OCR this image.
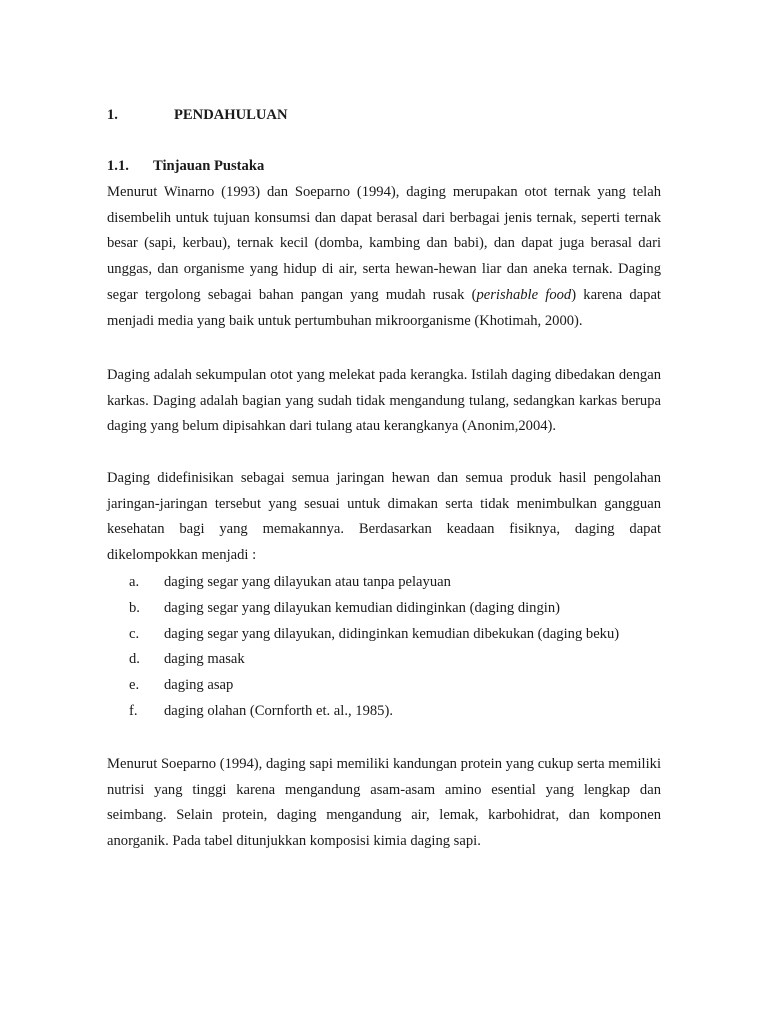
1.	PENDAHULUAN
1.1. Tinjauan Pustaka

Menurut Winarno (1993) dan Soeparno (1994), daging merupakan otot ternak yang telah disembelih untuk tujuan konsumsi dan dapat berasal dari berbagai jenis ternak, seperti ternak besar (sapi, kerbau), ternak kecil (domba, kambing dan babi), dan dapat juga berasal dari unggas, dan organisme yang hidup di air, serta hewan-hewan liar dan aneka ternak. Daging segar tergolong sebagai bahan pangan yang mudah rusak (perishable food) karena dapat menjadi media yang baik untuk pertumbuhan mikroorganisme (Khotimah, 2000).

Daging adalah sekumpulan otot yang melekat pada kerangka. Istilah daging dibedakan dengan karkas. Daging adalah bagian yang sudah tidak mengandung tulang, sedangkan karkas berupa daging yang belum dipisahkan dari tulang atau kerangkanya (Anonim,2004).

Daging didefinisikan sebagai semua jaringan hewan dan semua produk hasil pengolahan jaringan-jaringan tersebut yang sesuai untuk dimakan serta tidak menimbulkan gangguan kesehatan bagi yang memakannya. Berdasarkan keadaan fisiknya, daging dapat dikelompokkan menjadi :

a. daging segar yang dilayukan atau tanpa pelayuan
b. daging segar yang dilayukan kemudian didinginkan (daging dingin)
c. daging segar yang dilayukan, didinginkan kemudian dibekukan (daging beku)
d. daging masak
e. daging asap
f. daging olahan (Cornforth et. al., 1985).

Menurut Soeparno (1994), daging sapi memiliki kandungan protein yang cukup serta memiliki nutrisi yang tinggi karena mengandung asam-asam amino esential yang lengkap dan seimbang. Selain protein, daging mengandung air, lemak, karbohidrat, dan komponen anorganik. Pada tabel ditunjukkan komposisi kimia daging sapi.
